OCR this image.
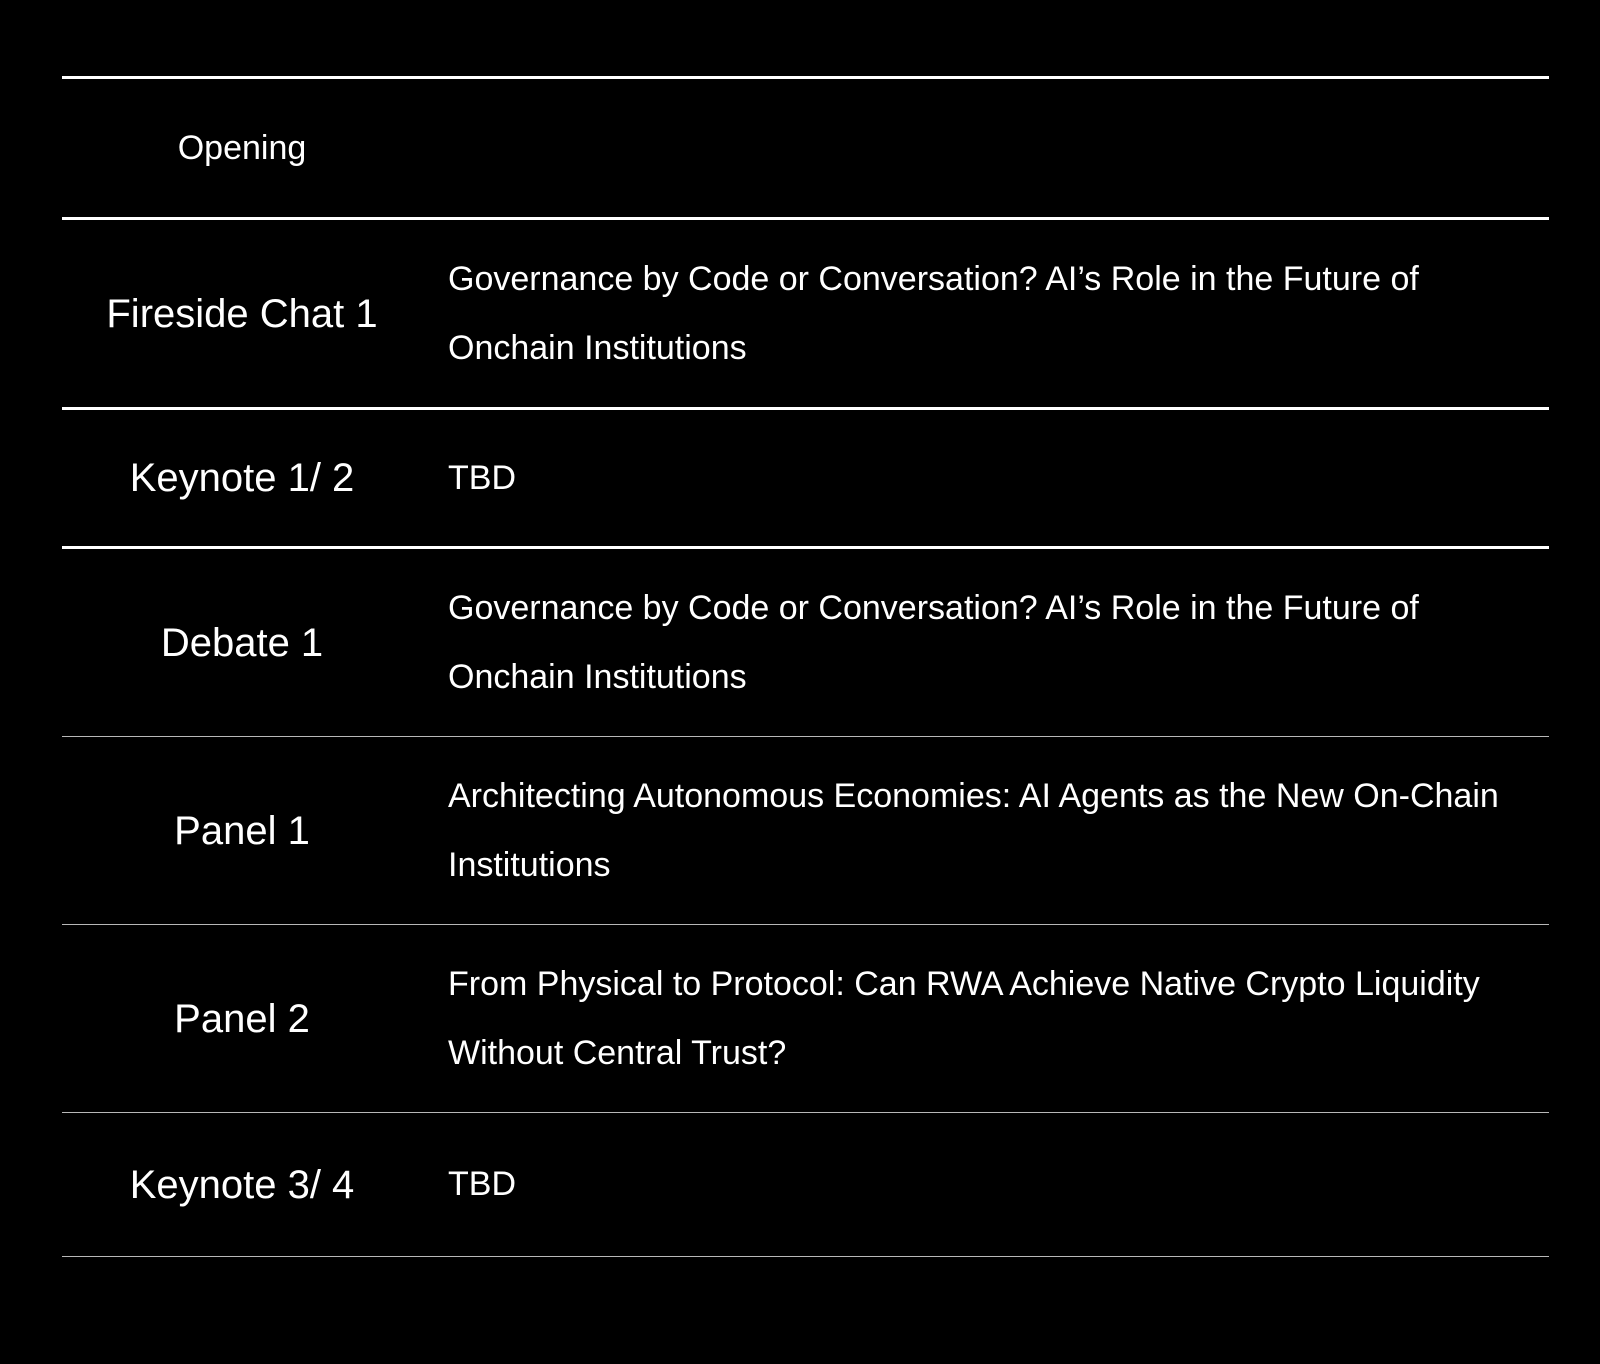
Opening
Fireside Chat 1
Governance by Code or Conversation? AI’s Role in the Future of Onchain Institutions
Keynote 1/ 2	TBD
Debate 1
Governance by Code or Conversation? AI’s Role in the Future of Onchain Institutions
Panel 1
Architecting Autonomous Economies: AI Agents as the New On-Chain Institutions
Panel 2
From Physical to Protocol: Can RWA Achieve Native Crypto Liquidity Without Central Trust?
Keynote 3/ 4	TBD
